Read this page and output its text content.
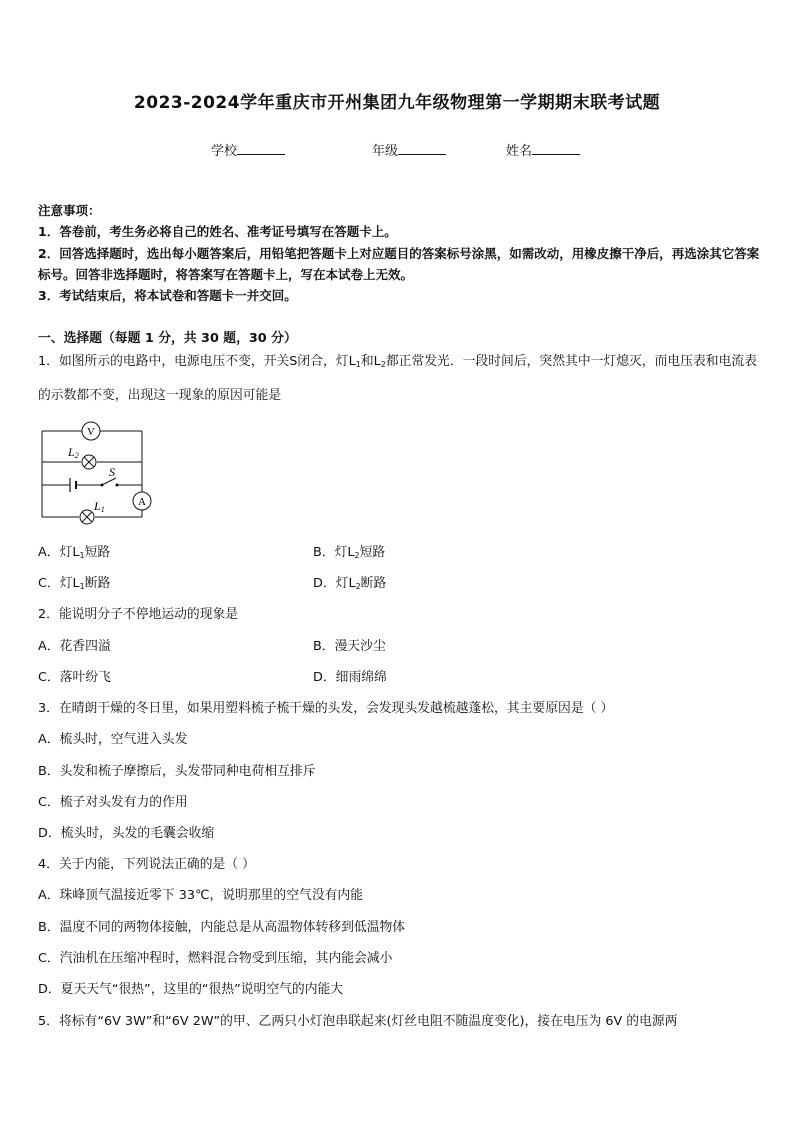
2023-2024学年重庆市开州集团九年级物理第一学期期末联考试题
学校	年级	姓名
注意事项：
1．答卷前，考生务必将自己的姓名、准考证号填写在答题卡上。
2．回答选择题时，选出每小题答案后，用铅笔把答题卡上对应题目的答案标号涂黑，如需改动，用橡皮擦干净后，再选涂其它答案标号。回答非选择题时，将答案写在答题卡上，写在本试卷上无效。
3．考试结束后，将本试卷和答题卡一并交回。
一、选择题（每题 1 分，共 30 题，30 分）
1．如图所示的电路中，电源电压不变，开关S闭合，灯$L_1$和$L_2$都正常发光．一段时间后，突然其中一灯熄灭，而电压表和电流表的示数都不变，出现这一现象的原因可能是
V
L2
S
A
L1
A．灯$L_1$短路	B．灯$L_2$短路
C．灯$L_1$断路	D．灯$L_2$断路
2．能说明分子不停地运动的现象是
A．花香四溢	B．漫天沙尘
C．落叶纷飞	D．细雨绵绵
3．在晴朗干燥的冬日里，如果用塑料梳子梳干燥的头发，会发现头发越梳越蓬松，其主要原因是（ ）
A．梳头时，空气进入头发
B．头发和梳子摩擦后，头发带同种电荷相互排斥
C．梳子对头发有力的作用
D．梳头时，头发的毛囊会收缩
4．关于内能，下列说法正确的是（ ）
A．珠峰顶气温接近零下 33℃，说明那里的空气没有内能
B．温度不同的两物体接触，内能总是从高温物体转移到低温物体
C．汽油机在压缩冲程时，燃料混合物受到压缩，其内能会减小
D．夏天天气“很热”，这里的“很热”说明空气的内能大
5．将标有“6V 3W”和“6V 2W”的甲、乙两只小灯泡串联起来(灯丝电阻不随温度变化)，接在电压为 6V 的电源两
